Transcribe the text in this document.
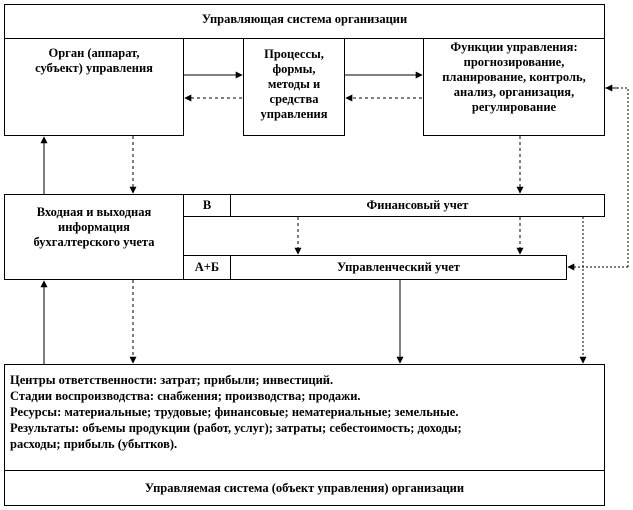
Управляющая система организации
Орган (аппарат,
субъект) управления
Процессы,
формы,
методы и
средства
управления
Функции управления:
прогнозирование,
планирование, контроль,
анализ, организация,
регулирование
Входная и выходная
информация
бухгалтерского учета
В	Финансовый учет
А+Б	Управленческий учет
Центры ответственности: затрат; прибыли; инвестиций.
Стадии воспроизводства: снабжения; производства; продажи.
Ресурсы: материальные; трудовые; финансовые; нематериальные; земельные.
Результаты: объемы продукции (работ, услуг); затраты; себестоимость; доходы;
расходы; прибыль (убытков).
Управляемая система (объект управления) организации
